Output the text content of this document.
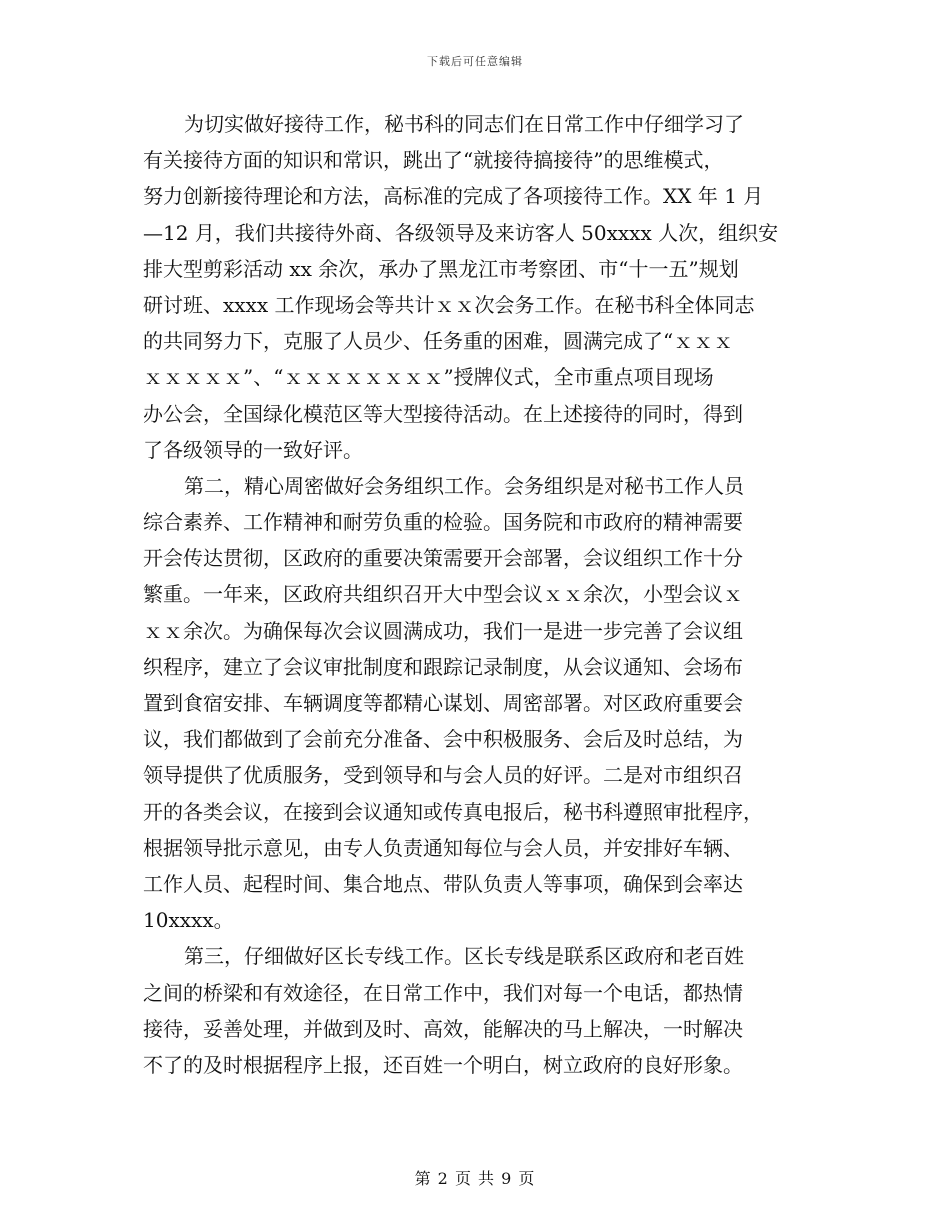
下载后可任意编辑
为切实做好接待工作，秘书科的同志们在日常工作中仔细学习了
有关接待方面的知识和常识，跳出了“就接待搞接待”的思维模式，
努力创新接待理论和方法，高标准的完成了各项接待工作。XX 年 1 月
—12 月，我们共接待外商、各级领导及来访客人 50xxxx 人次，组织安
排大型剪彩活动 xx 余次，承办了黑龙江市考察团、市“十一五”规划
研讨班、xxxx 工作现场会等共计ｘｘ次会务工作。在秘书科全体同志
的共同努力下，克服了人员少、任务重的困难，圆满完成了“ｘｘｘ
ｘｘｘｘｘ”、“ｘｘｘｘｘｘｘｘ”授牌仪式，全市重点项目现场
办公会，全国绿化模范区等大型接待活动。在上述接待的同时，得到
了各级领导的一致好评。
第二，精心周密做好会务组织工作。会务组织是对秘书工作人员
综合素养、工作精神和耐劳负重的检验。国务院和市政府的精神需要
开会传达贯彻，区政府的重要决策需要开会部署，会议组织工作十分
繁重。一年来，区政府共组织召开大中型会议ｘｘ余次，小型会议ｘ
ｘｘ余次。为确保每次会议圆满成功，我们一是进一步完善了会议组
织程序，建立了会议审批制度和跟踪记录制度，从会议通知、会场布
置到食宿安排、车辆调度等都精心谋划、周密部署。对区政府重要会
议，我们都做到了会前充分准备、会中积极服务、会后及时总结，为
领导提供了优质服务，受到领导和与会人员的好评。二是对市组织召
开的各类会议，在接到会议通知或传真电报后，秘书科遵照审批程序，
根据领导批示意见，由专人负责通知每位与会人员，并安排好车辆、
工作人员、起程时间、集合地点、带队负责人等事项，确保到会率达
10xxxx。
第三，仔细做好区长专线工作。区长专线是联系区政府和老百姓
之间的桥梁和有效途径，在日常工作中，我们对每一个电话，都热情
接待，妥善处理，并做到及时、高效，能解决的马上解决，一时解决
不了的及时根据程序上报，还百姓一个明白，树立政府的良好形象。
第 2 页 共 9 页
